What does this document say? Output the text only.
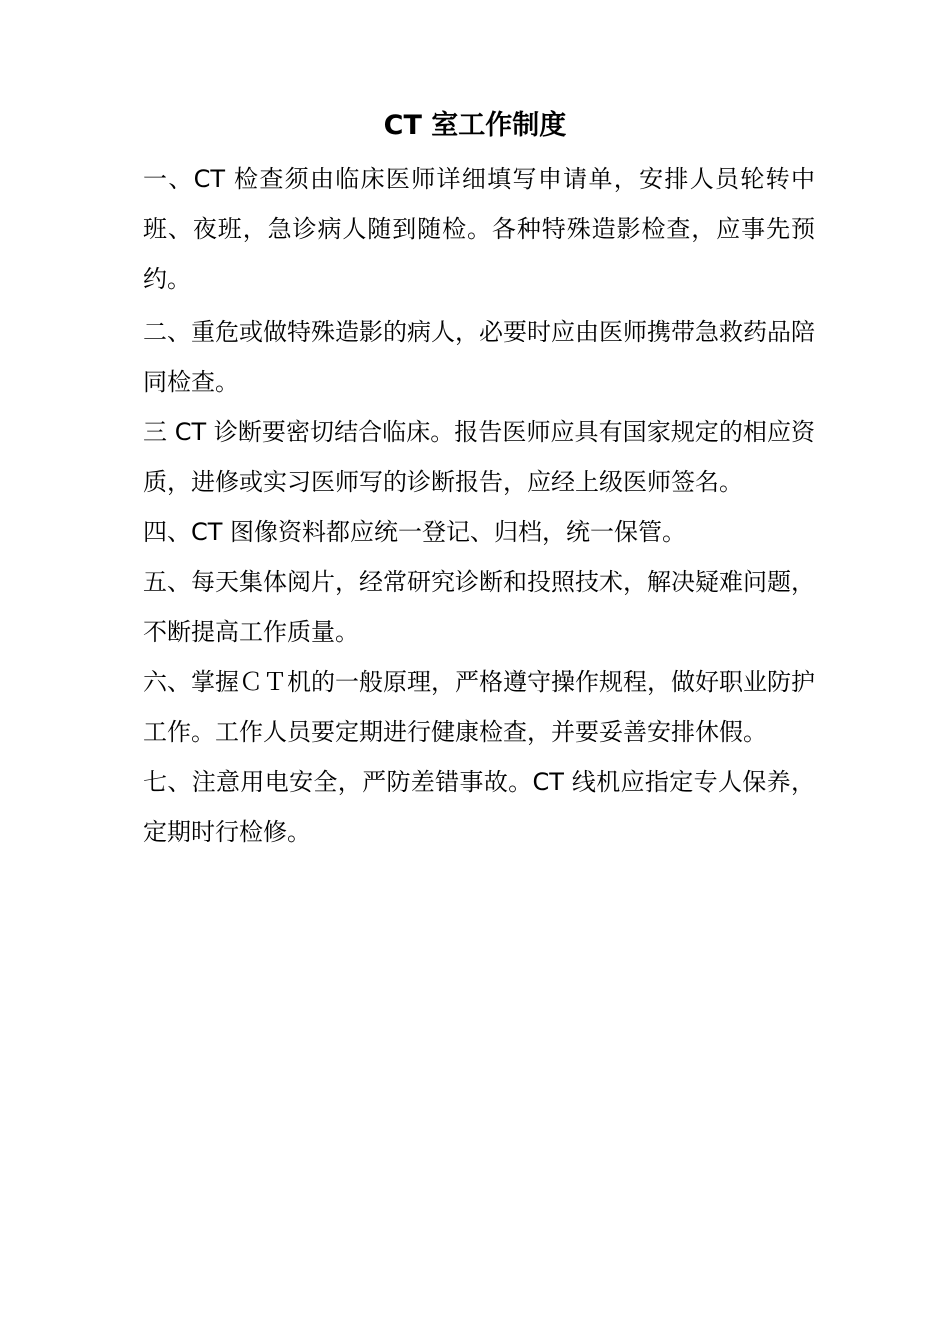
CT 室工作制度

一、CT 检查须由临床医师详细填写申请单，安排人员轮转中班、夜班，急诊病人随到随检。各种特殊造影检查，应事先预约。

二、重危或做特殊造影的病人，必要时应由医师携带急救药品陪同检查。

三 CT 诊断要密切结合临床。报告医师应具有国家规定的相应资质，进修或实习医师写的诊断报告，应经上级医师签名。

四、CT 图像资料都应统一登记、归档，统一保管。

五、每天集体阅片，经常研究诊断和投照技术，解决疑难问题，不断提高工作质量。

六、掌握ＣＴ机的一般原理，严格遵守操作规程，做好职业防护工作。工作人员要定期进行健康检查，并要妥善安排休假。

七、注意用电安全，严防差错事故。CT 线机应指定专人保养，定期时行检修。
